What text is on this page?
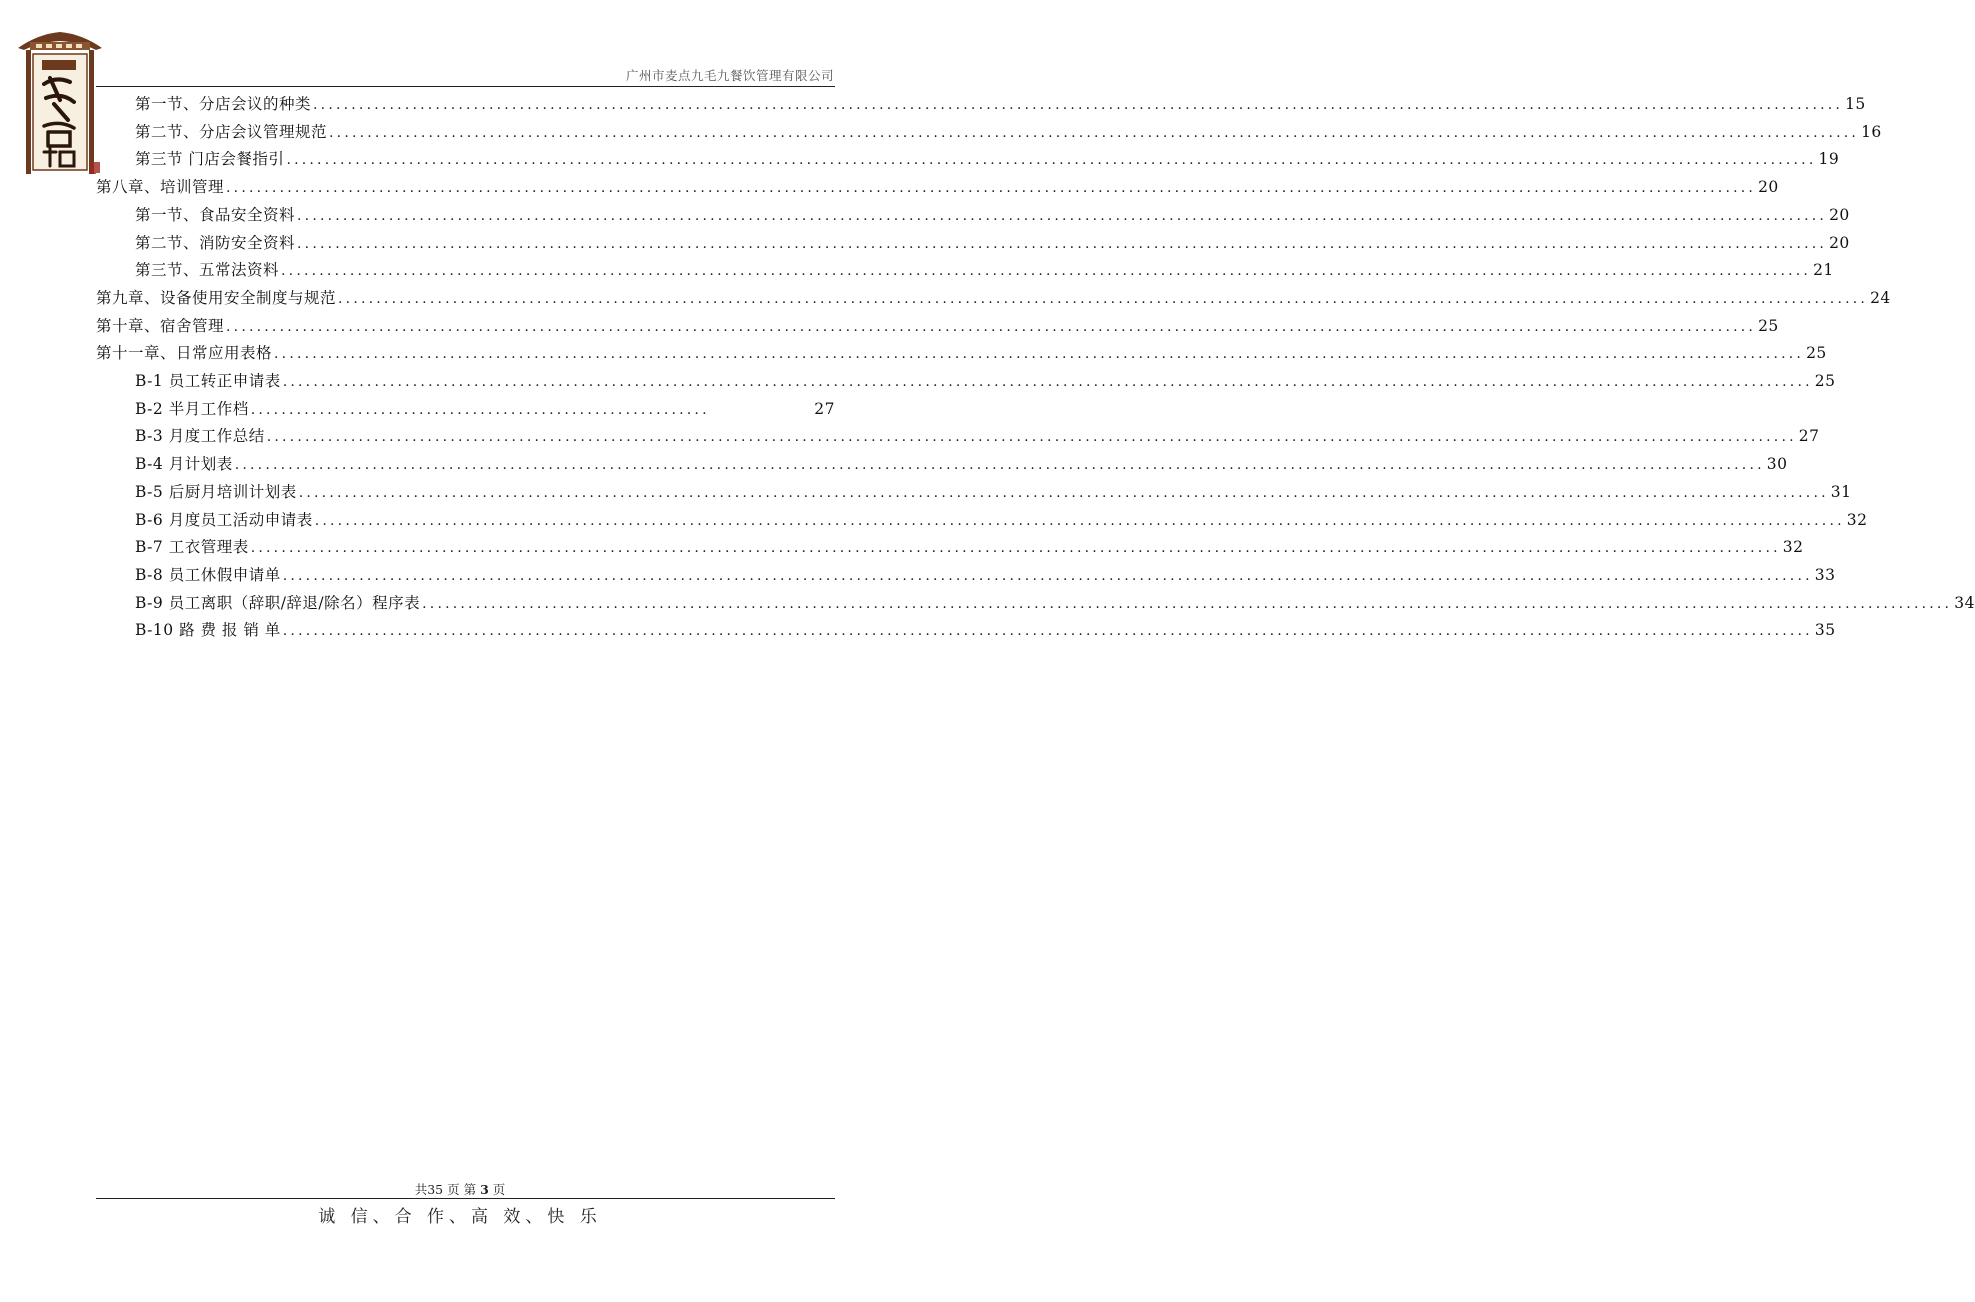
广州市麦点九毛九餐饮管理有限公司
第一节、分店会议的种类 ........................................................................................................................................................................................................ 15
第二节、分店会议管理规范 ........................................................................................................................................................................................................ 16
第三节 门店会餐指引 ........................................................................................................................................................................................................ 19
第八章、培训管理 ........................................................................................................................................................................................................ 20
第一节、食品安全资料 ........................................................................................................................................................................................................ 20
第二节、消防安全资料 ........................................................................................................................................................................................................ 20
第三节、五常法资料 ........................................................................................................................................................................................................ 21
第九章、设备使用安全制度与规范 ........................................................................................................................................................................................................ 24
第十章、宿舍管理 ........................................................................................................................................................................................................ 25
第十一章、日常应用表格 ........................................................................................................................................................................................................ 25
B-1 员工转正申请表 ........................................................................................................................................................................................................ 25
B-2 半月工作档 ............................................................	27
B-3 月度工作总结 ........................................................................................................................................................................................................ 27
B-4 月计划表 ........................................................................................................................................................................................................ 30
B-5 后厨月培训计划表 ........................................................................................................................................................................................................ 31
B-6 月度员工活动申请表 ........................................................................................................................................................................................................ 32
B-7 工衣管理表 ........................................................................................................................................................................................................ 32
B-8 员工休假申请单 ........................................................................................................................................................................................................ 33
B-9 员工离职（辞职/辞退/除名）程序表 ........................................................................................................................................................................................................ 34
B-10 路 费 报 销 单 ........................................................................................................................................................................................................ 35
共35 页 第 3 页
诚 信、合 作、高 效、快 乐
